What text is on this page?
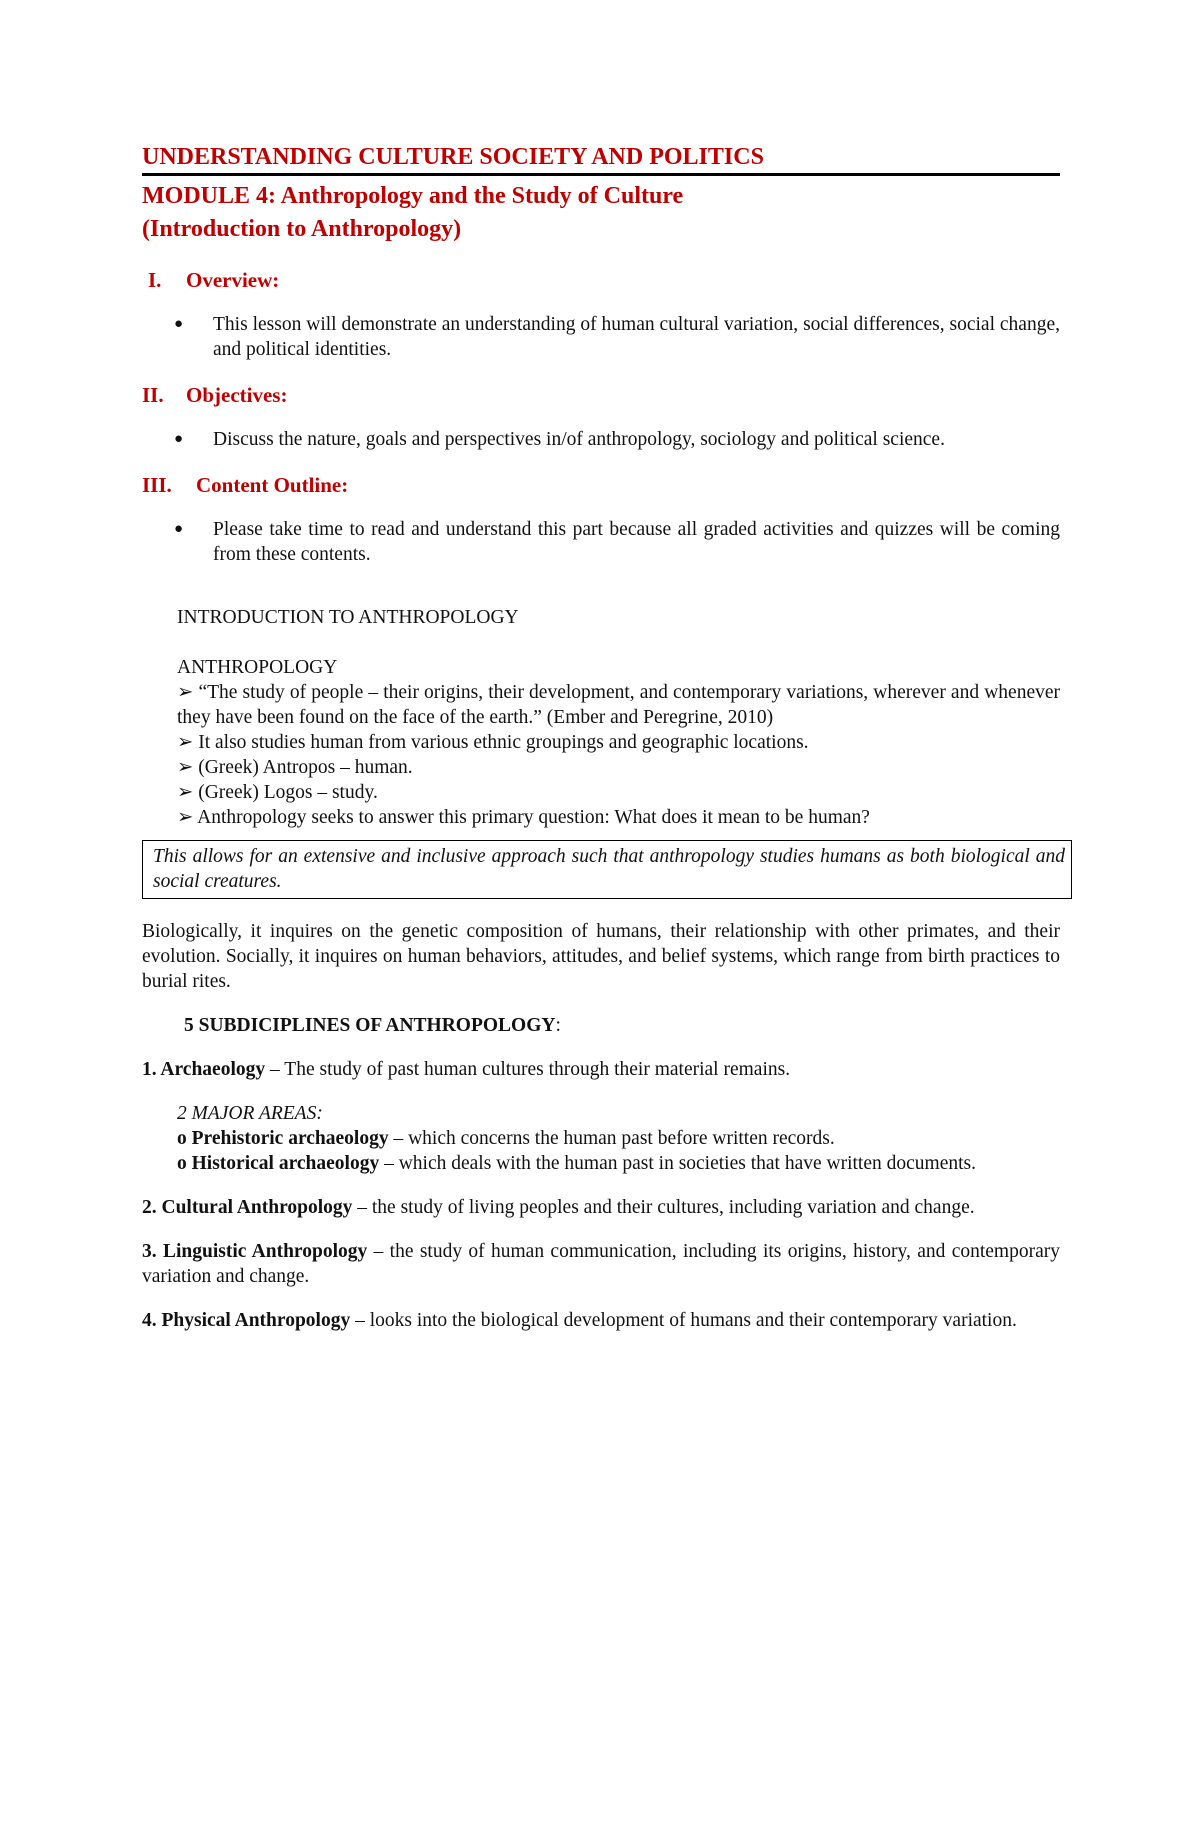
UNDERSTANDING CULTURE SOCIETY AND POLITICS
MODULE 4: Anthropology and the Study of Culture
(Introduction to Anthropology)
I.	Overview:
●	This lesson will demonstrate an understanding of human cultural variation, social differences, social change, and political identities.
II.	Objectives:
●	Discuss the nature, goals and perspectives in/of anthropology, sociology and political science.
III.	Content Outline:
●	Please take time to read and understand this part because all graded activities and quizzes will be coming from these contents.

INTRODUCTION TO ANTHROPOLOGY

ANTHROPOLOGY

➢ “The study of people – their origins, their development, and contemporary variations, wherever and whenever they have been found on the face of the earth.” (Ember and Peregrine, 2010)

➢ It also studies human from various ethnic groupings and geographic locations.

➢ (Greek) Antropos – human.

➢ (Greek) Logos – study.

➢ Anthropology seeks to answer this primary question: What does it mean to be human?

This allows for an extensive and inclusive approach such that anthropology studies humans as both biological and social creatures.

Biologically, it inquires on the genetic composition of humans, their relationship with other primates, and their evolution. Socially, it inquires on human behaviors, attitudes, and belief systems, which range from birth practices to burial rites.

5 SUBDICIPLINES OF ANTHROPOLOGY:

1. Archaeology – The study of past human cultures through their material remains.

2 MAJOR AREAS:

o Prehistoric archaeology – which concerns the human past before written records.

o Historical archaeology – which deals with the human past in societies that have written documents.

2. Cultural Anthropology – the study of living peoples and their cultures, including variation and change.

3. Linguistic Anthropology – the study of human communication, including its origins, history, and contemporary variation and change.

4. Physical Anthropology – looks into the biological development of humans and their contemporary variation.
